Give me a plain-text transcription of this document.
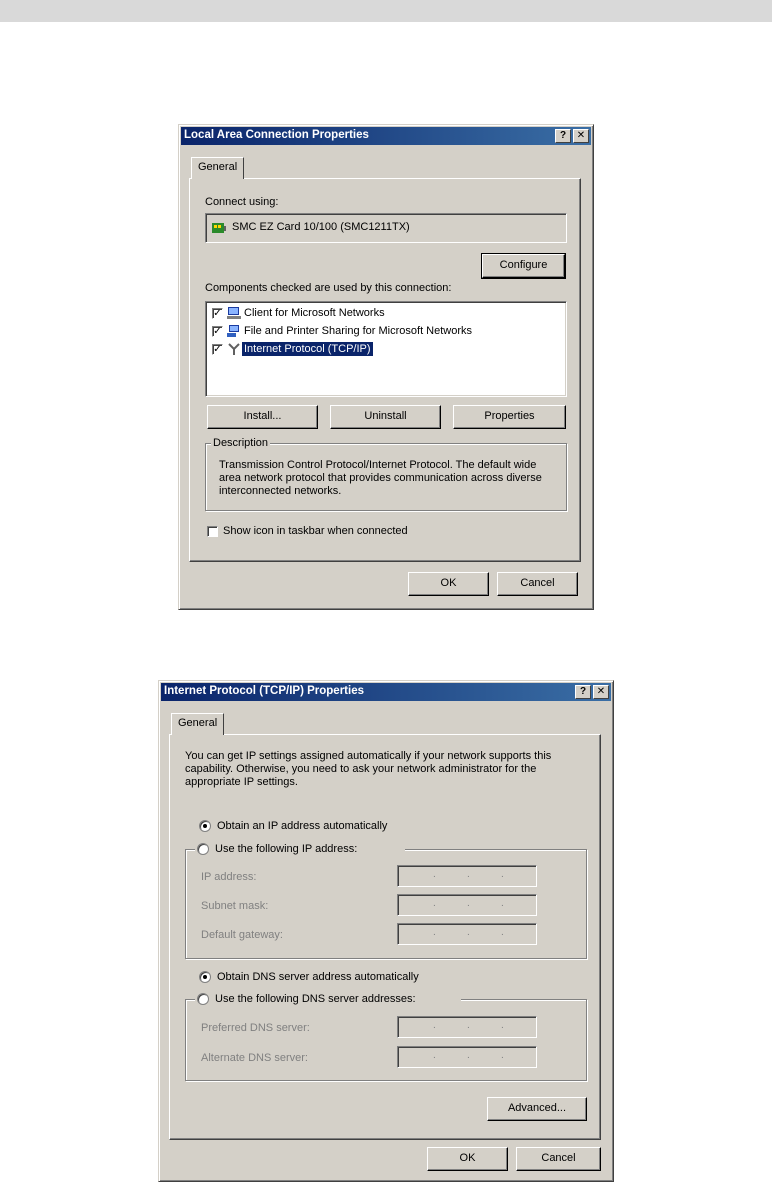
Local Area Connection Properties	?	✕
General
Connect using:
SMC EZ Card 10/100 (SMC1211TX)
Configure
Components checked are used by this connection:
✓ Client for Microsoft Networks
✓ File and Printer Sharing for Microsoft Networks
✓ Internet Protocol (TCP/IP)
Install...	Uninstall	Properties
Description
Transmission Control Protocol/Internet Protocol. The default wide area network protocol that provides communication across diverse interconnected networks.
Show icon in taskbar when connected
OK	Cancel
Internet Protocol (TCP/IP) Properties	?	✕
General
You can get IP settings assigned automatically if your network supports this capability. Otherwise, you need to ask your network administrator for the appropriate IP settings.
Obtain an IP address automatically
Use the following IP address:
IP address:	.	.	.
Subnet mask:	.	.	.
Default gateway:	.	.	.
Obtain DNS server address automatically
Use the following DNS server addresses:
Preferred DNS server:	.	.	.
Alternate DNS server:	.	.	.
Advanced...
OK	Cancel
